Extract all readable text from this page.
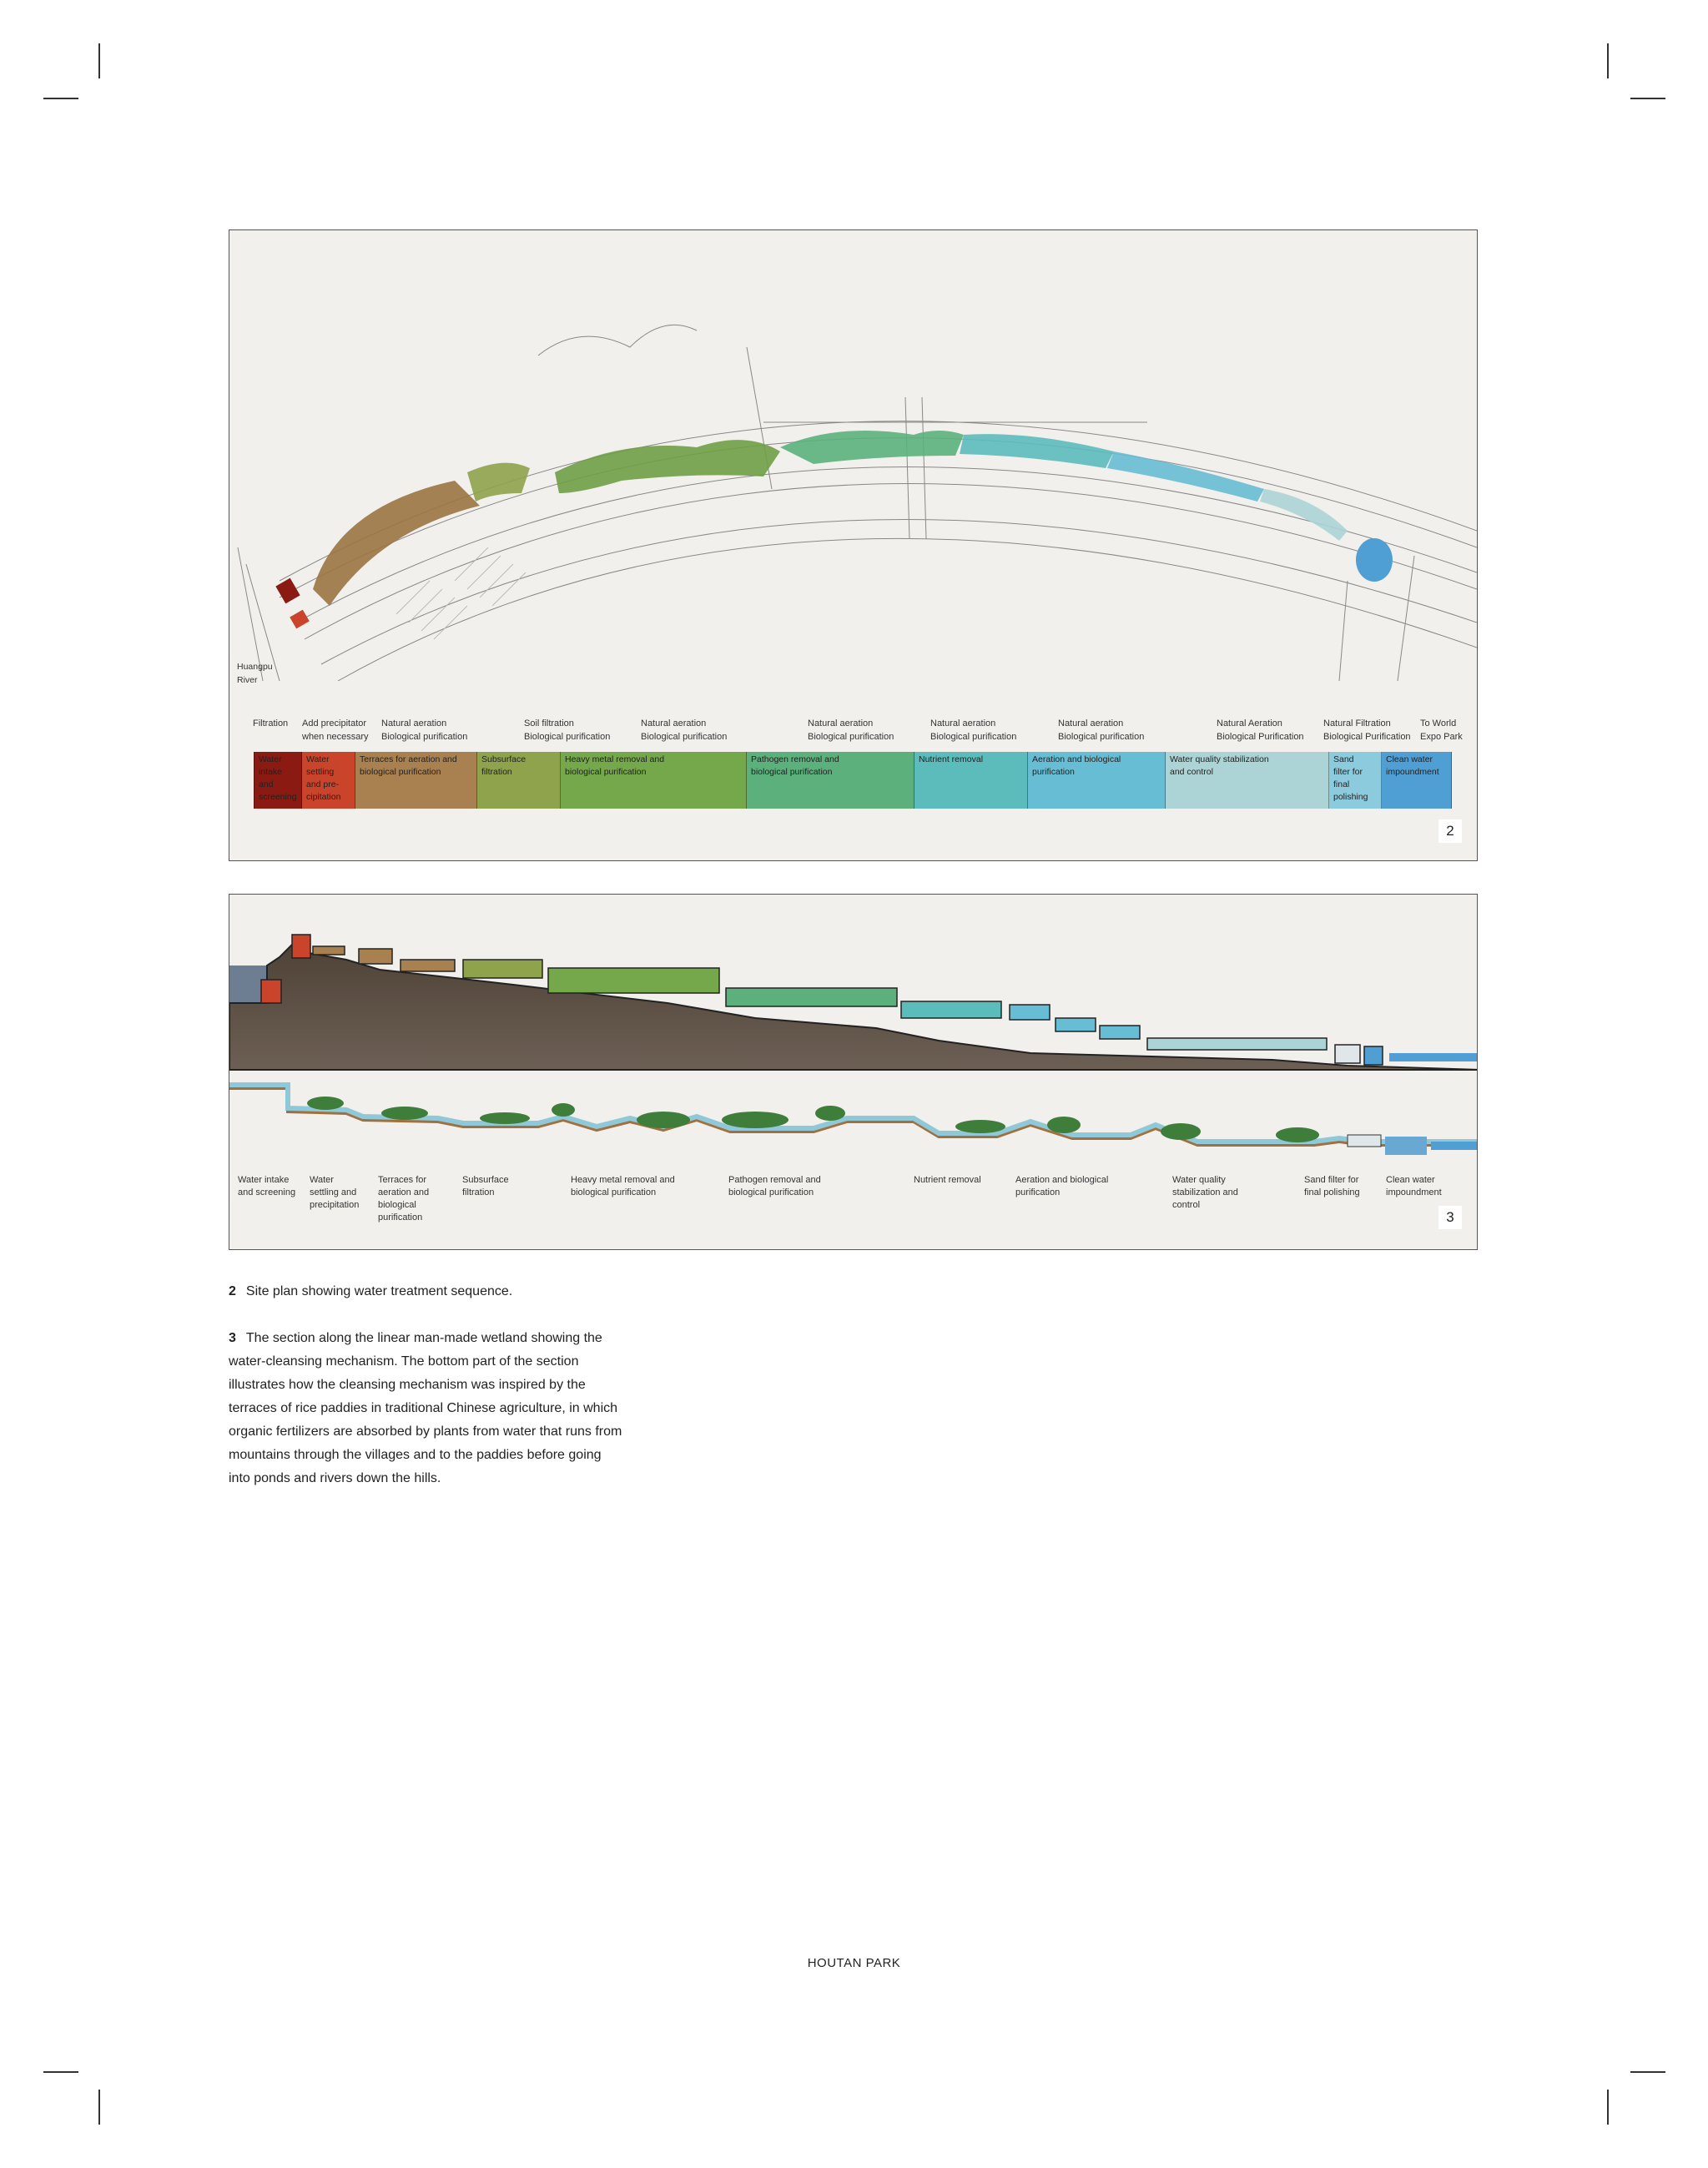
Huangpu
River
Filtration Add precipitator
when necessary
Natural aeration
Biological purification
Soil filtration
Biological purification
Natural aeration
Biological purification
Natural aeration
Biological purification
Natural aeration
Biological purification
Natural aeration
Biological purification
Natural Aeration
Biological Purification
Natural Filtration
Biological Purification
To World
Expo Park
Water
intake
and
screening
Water
settling
and pre-
cipitation
Terraces for aeration and
biological purification
Subsurface
filtration
Heavy metal removal and
biological purification
Pathogen removal and
biological purification
Nutrient removal	Aeration and biological
purification
Water quality stabilization
and control
Sand
filter for
final
polishing
Clean water
impoundment
2
Water intake
and screening
Water
settling and
precipitation
Terraces for
aeration and
biological
purification
Subsurface
filtration
Heavy metal removal and
biological purification
Pathogen removal and
biological purification
Nutrient removal	Aeration and biological
purification
Water quality
stabilization and
control
Sand filter for
final polishing
Clean water
impoundment
3
2 Site plan showing water treatment sequence.
3 The section along the linear man-made wetland showing the water-cleansing mechanism. The bottom part of the section illustrates how the cleansing mechanism was inspired by the terraces of rice paddies in traditional Chinese agriculture, in which organic fertilizers are absorbed by plants from water that runs from mountains through the villages and to the paddies before going into ponds and rivers down the hills.
HOUTAN PARK
